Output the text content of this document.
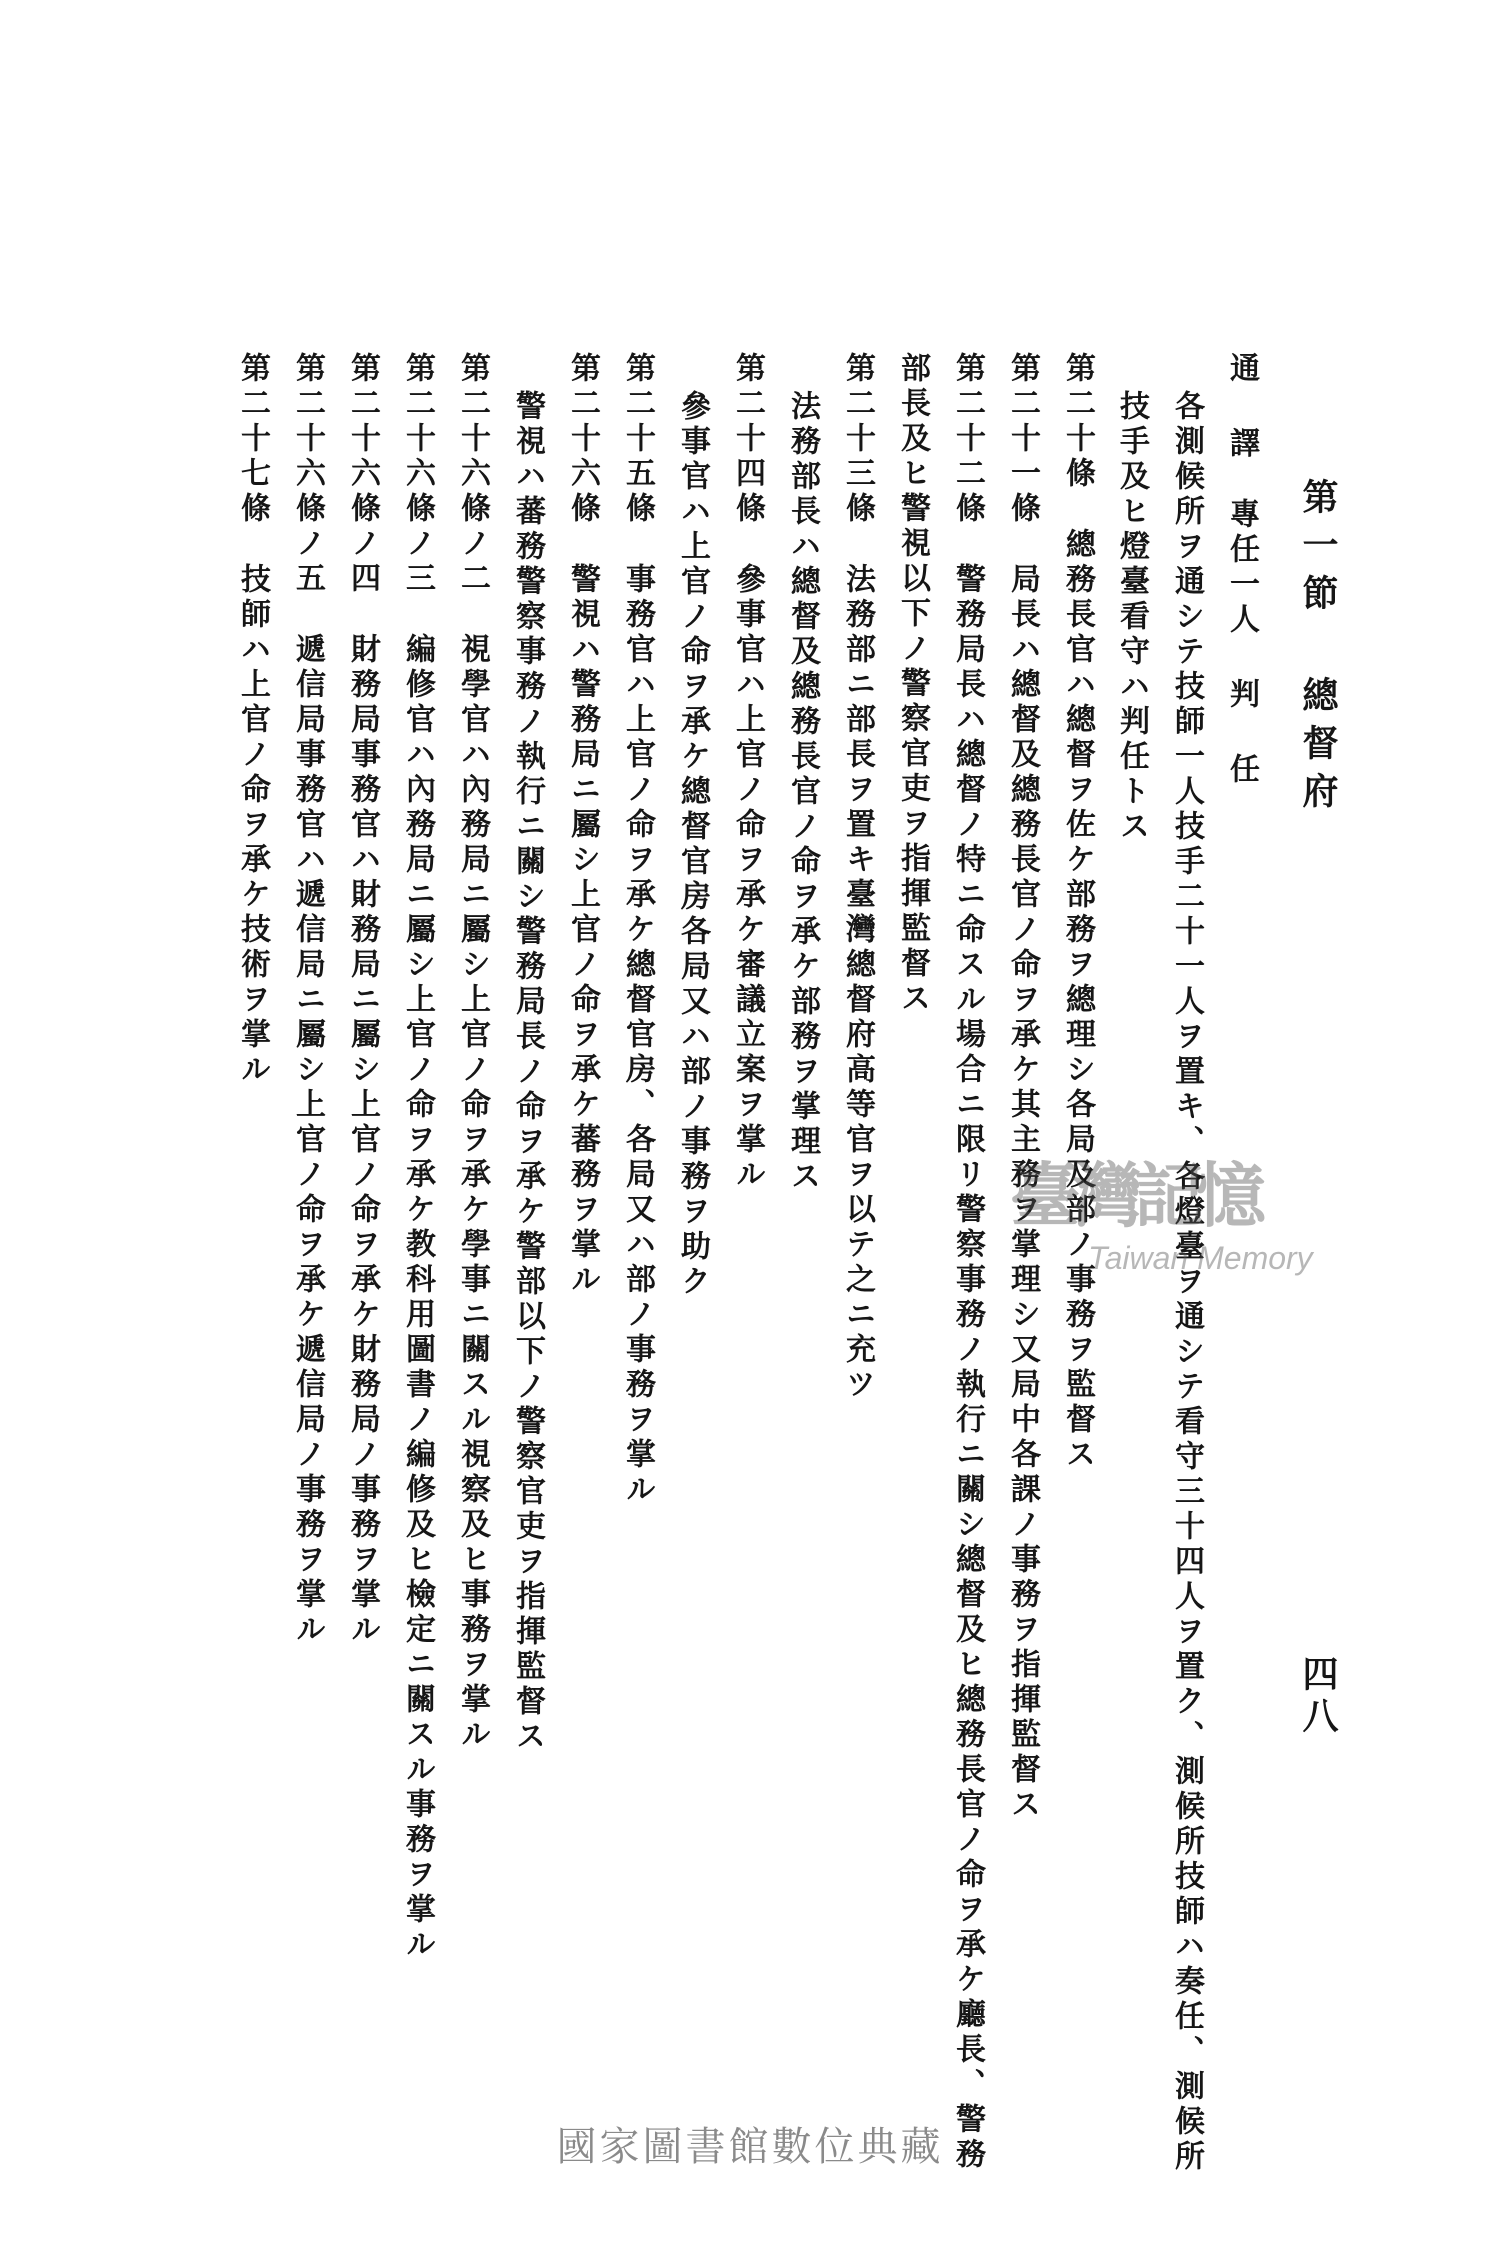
第一節 總督府
四八
通 譯專任一人 判 任
各測候所ヲ通シテ技師一人技手二十一人ヲ置キ、各燈臺ヲ通シテ看守三十四人ヲ置ク、測候所技師ハ奏任、測候所
技手及ヒ燈臺看守ハ判任トス
第二十條總務長官ハ總督ヲ佐ケ部務ヲ總理シ各局及部ノ事務ヲ監督ス
第二十一條局長ハ總督及總務長官ノ命ヲ承ケ其主務ヲ掌理シ又局中各課ノ事務ヲ指揮監督ス
第二十二條警務局長ハ總督ノ特ニ命スル場合ニ限リ警察事務ノ執行ニ關シ總督及ヒ總務長官ノ命ヲ承ケ廳長、警務
部長及ヒ警視以下ノ警察官吏ヲ指揮監督ス
第二十三條法務部ニ部長ヲ置キ臺灣總督府高等官ヲ以テ之ニ充ツ
法務部長ハ總督及總務長官ノ命ヲ承ケ部務ヲ掌理ス
第二十四條參事官ハ上官ノ命ヲ承ケ審議立案ヲ掌ル
參事官ハ上官ノ命ヲ承ケ總督官房各局又ハ部ノ事務ヲ助ク
第二十五條事務官ハ上官ノ命ヲ承ケ總督官房、各局又ハ部ノ事務ヲ掌ル
第二十六條警視ハ警務局ニ屬シ上官ノ命ヲ承ケ蕃務ヲ掌ル
警視ハ蕃務警察事務ノ執行ニ關シ警務局長ノ命ヲ承ケ警部以下ノ警察官吏ヲ指揮監督ス
第二十六條ノ二視學官ハ內務局ニ屬シ上官ノ命ヲ承ケ學事ニ關スル視察及ヒ事務ヲ掌ル
第二十六條ノ三編修官ハ內務局ニ屬シ上官ノ命ヲ承ケ教科用圖書ノ編修及ヒ檢定ニ關スル事務ヲ掌ル
第二十六條ノ四財務局事務官ハ財務局ニ屬シ上官ノ命ヲ承ケ財務局ノ事務ヲ掌ル
第二十六條ノ五遞信局事務官ハ遞信局ニ屬シ上官ノ命ヲ承ケ遞信局ノ事務ヲ掌ル
第二十七條技師ハ上官ノ命ヲ承ケ技術ヲ掌ル
臺灣記憶
Taiwan Memory
國家圖書館數位典藏
